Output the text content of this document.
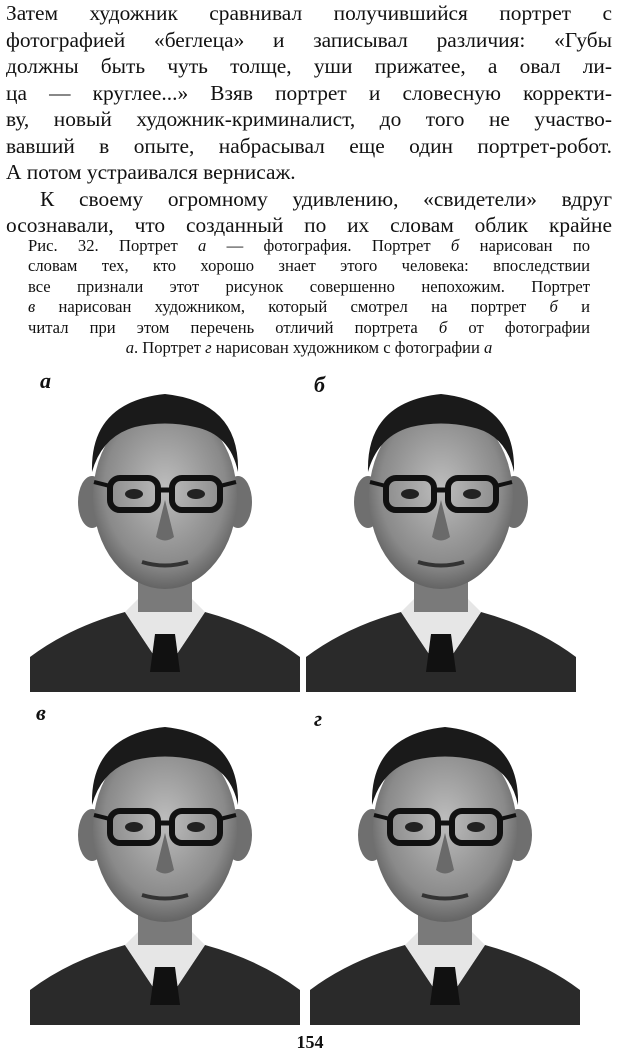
Затем художник сравнивал получившийся портрет с
фотографией «беглеца» и записывал различия: «Губы
должны быть чуть толще, уши прижатее, а овал ли-
ца — круглее...» Взяв портрет и словесную корректи-
ву, новый художник-криминалист, до того не участво-
вавший в опыте, набрасывал еще один портрет-робот.
А потом устраивался вернисаж.
К своему огромному удивлению, «свидетели» вдруг
осознавали, что созданный по их словам облик крайне
Рис. 32. Портрет а — фотография. Портрет б нарисован по
словам тех, кто хорошо знает этого человека: впоследствии
все признали этот рисунок совершенно непохожим. Портрет
в нарисован художником, который смотрел на портрет б и
читал при этом перечень отличий портрета б от фотографии
а. Портрет г нарисован художником с фотографии а
а	б
в	г
154
